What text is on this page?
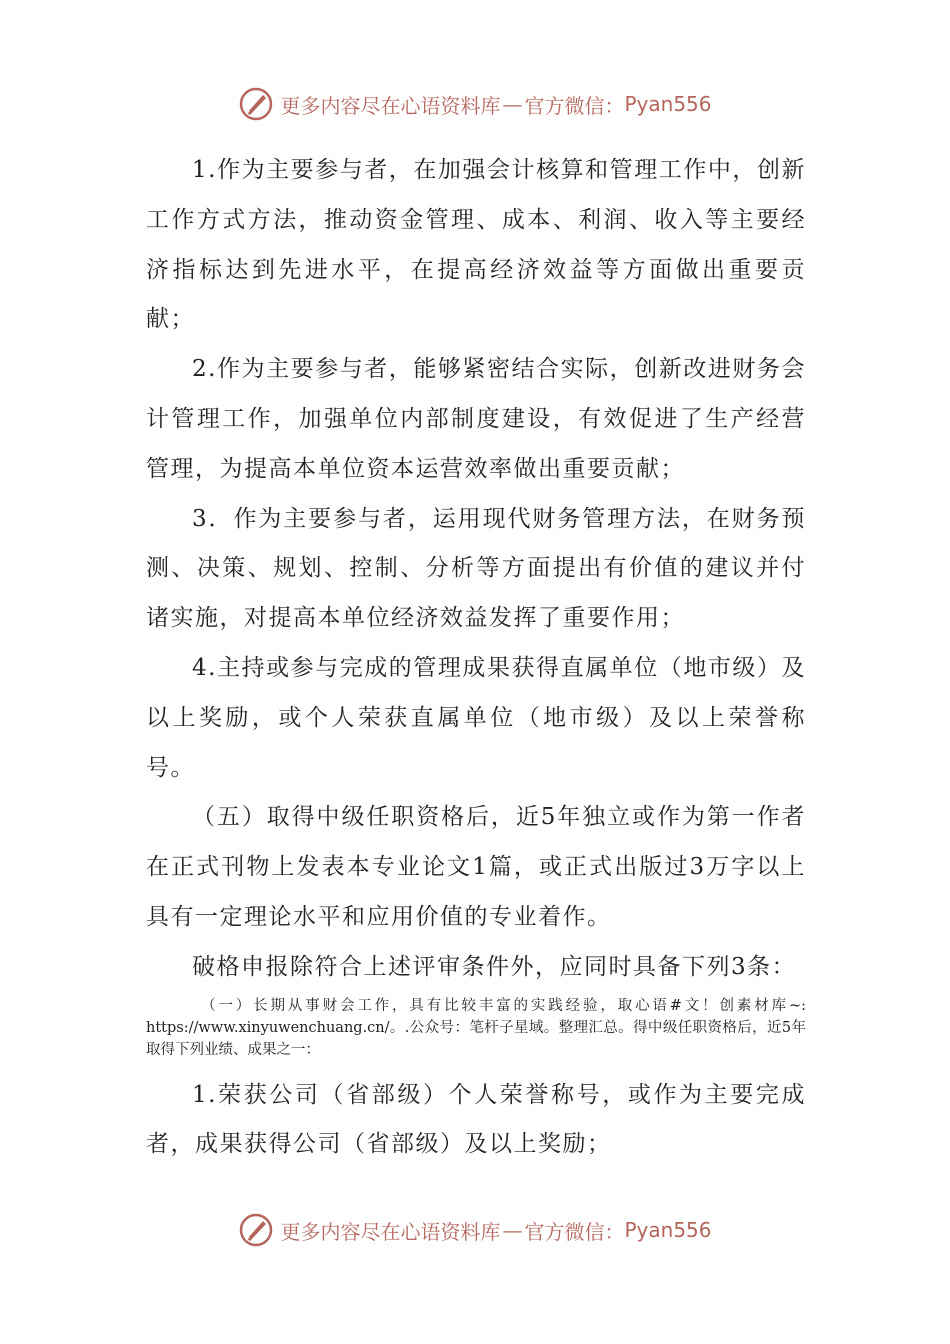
更多内容尽在心语资料库 — 官方微信： Pyan556

1.作为主要参与者，在加强会计核算和管理工作中，创新工作方式方法，推动资金管理、成本、利润、收入等主要经济指标达到先进水平，在提高经济效益等方面做出重要贡献；

2.作为主要参与者，能够紧密结合实际，创新改进财务会计管理工作，加强单位内部制度建设，有效促进了生产经营管理，为提高本单位资本运营效率做出重要贡献；

3．作为主要参与者，运用现代财务管理方法，在财务预测、决策、规划、控制、分析等方面提出有价值的建议并付诸实施，对提高本单位经济效益发挥了重要作用；

4.主持或参与完成的管理成果获得直属单位（地市级）及以上奖励，或个人荣获直属单位（地市级）及以上荣誉称号。

（五）取得中级任职资格后，近5年独立或作为第一作者在正式刊物上发表本专业论文1篇，或正式出版过3万字以上具有一定理论水平和应用价值的专业着作。

破格申报除符合上述评审条件外，应同时具备下列3条：

（一）长期从事财会工作，具有比较丰富的实践经验，取心语#文！创素材库~: https://www.xinyuwenchuang.cn/。.公众号：笔杆子星域。整理汇总。得中级任职资格后，近5年取得下列业绩、成果之一：

1.荣获公司（省部级）个人荣誉称号，或作为主要完成者，成果获得公司（省部级）及以上奖励；

更多内容尽在心语资料库 — 官方微信： Pyan556
